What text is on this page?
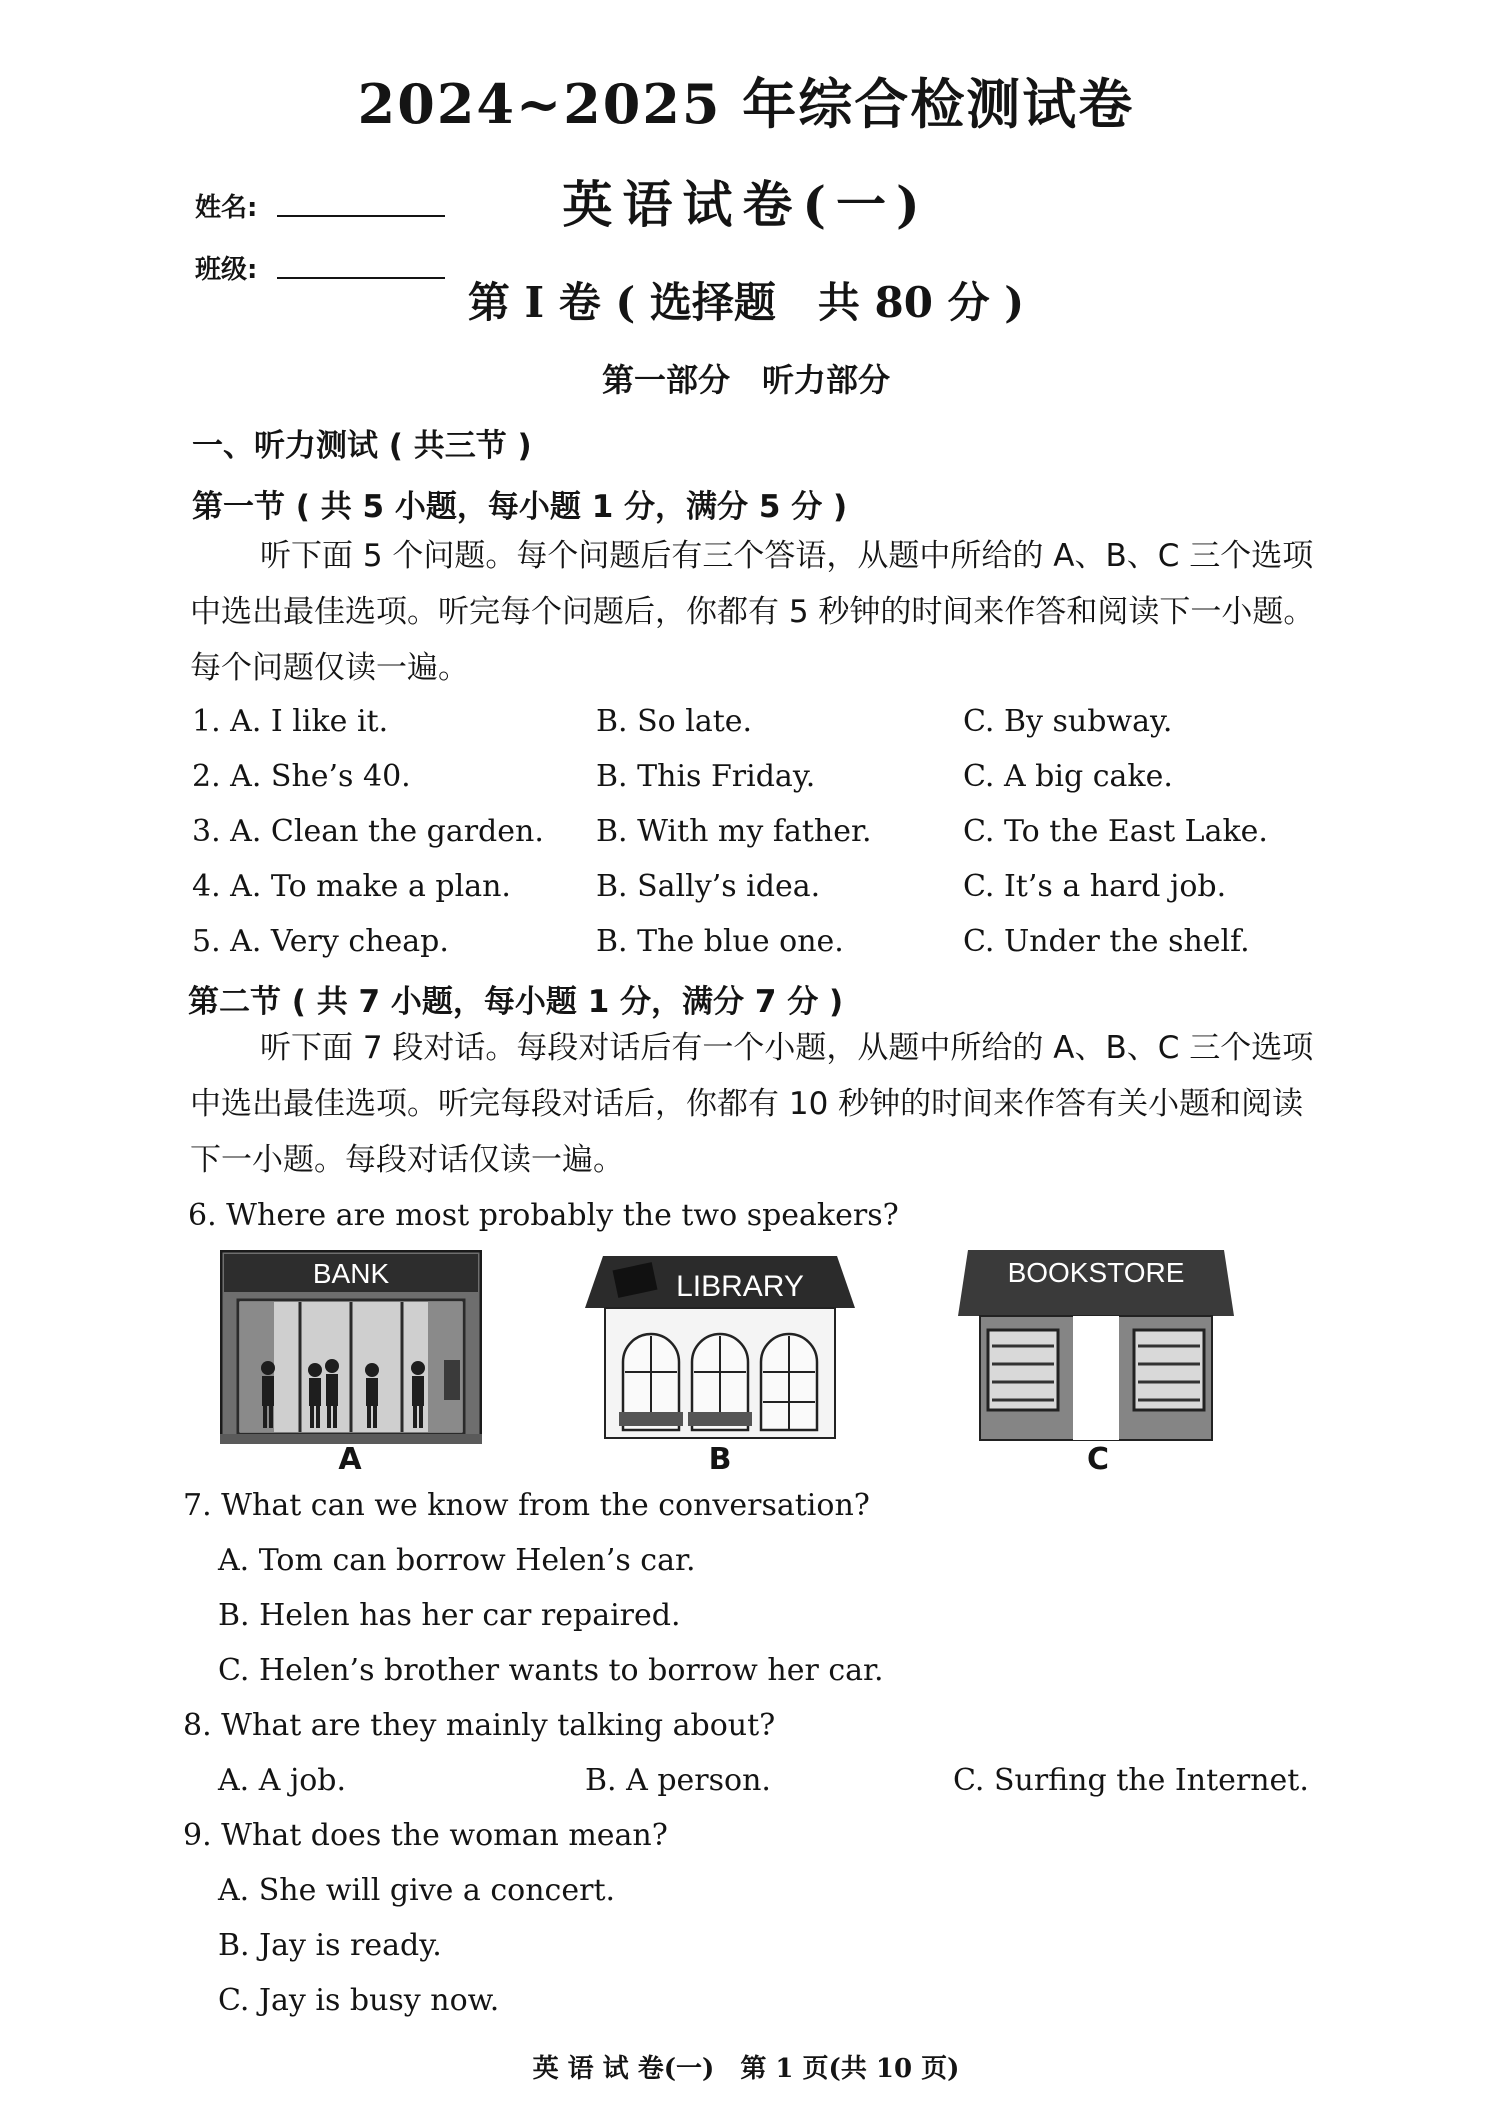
2024~2025 年综合检测试卷
姓名:	英语试卷(一)
班级:
第 I 卷 ( 选择题　共 80 分 )
第一部分　听力部分
一、听力测试 ( 共三节 )
第一节 ( 共 5 小题，每小题 1 分，满分 5 分 )
听下面 5 个问题。每个问题后有三个答语，从题中所给的 A、B、C 三个选项中选出最佳选项。听完每个问题后，你都有 5 秒钟的时间来作答和阅读下一小题。每个问题仅读一遍。
1. A. I like it.	B. So late.	C. By subway.
2. A. She’s 40.	B. This Friday.	C. A big cake.
3. A. Clean the garden. B. With my father.	C. To the East Lake.
4. A. To make a plan.	B. Sally’s idea.	C. It’s a hard job.
5. A. Very cheap.	B. The blue one.	C. Under the shelf.
第二节 ( 共 7 小题，每小题 1 分，满分 7 分 )
听下面 7 段对话。每段对话后有一个小题，从题中所给的 A、B、C 三个选项中选出最佳选项。听完每段对话后，你都有 10 秒钟的时间来作答有关小题和阅读下一小题。每段对话仅读一遍。
6. Where are most probably the two speakers?
BANK
A
LIBRARY
B
BOOKSTORE
C
7. What can we know from the conversation?
A. Tom can borrow Helen’s car.
B. Helen has her car repaired.
C. Helen’s brother wants to borrow her car.
8. What are they mainly talking about?
A. A job.	B. A person.	C. Surfing the Internet.
9. What does the woman mean?
A. She will give a concert.
B. Jay is ready.
C. Jay is busy now.
英 语 试 卷(一)　第 1 页(共 10 页)
